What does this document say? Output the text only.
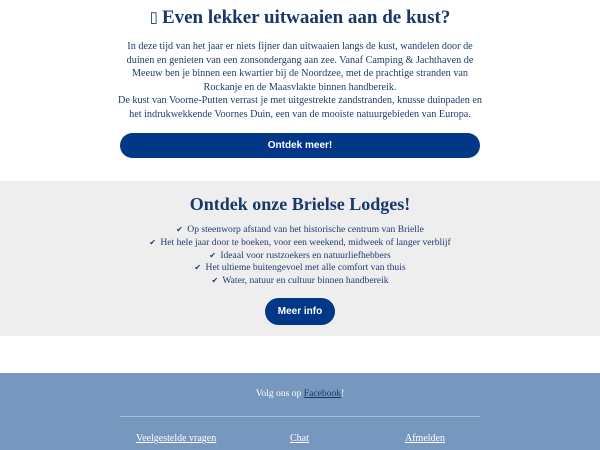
▯ Even lekker uitwaaien aan de kust?

In deze tijd van het jaar er niets fijner dan uitwaaien langs de kust, wandelen door de duinen en genieten van een zonsondergang aan zee. Vanaf Camping & Jachthaven de Meeuw ben je binnen een kwartier bij de Noordzee, met de prachtige stranden van Rockanje en de Maasvlakte binnen handbereik.

De kust van Voorne-Putten verrast je met uitgestrekte zandstranden, knusse duinpaden en het indrukwekkende Voornes Duin, een van de mooiste natuurgebieden van Europa.

Ontdek meer!
Ontdek onze Brielse Lodges!
✔ Op steenworp afstand van het historische centrum van Brielle
✔ Het hele jaar door te boeken, voor een weekend, midweek of langer verblijf
✔ Ideaal voor rustzoekers en natuurliefhebbers
✔ Het ultieme buitengevoel met alle comfort van thuis
✔ Water, natuur en cultuur binnen handbereik
Meer info
Volg ons op Facebook!
Veelgestelde vragen	Chat	Afmelden
